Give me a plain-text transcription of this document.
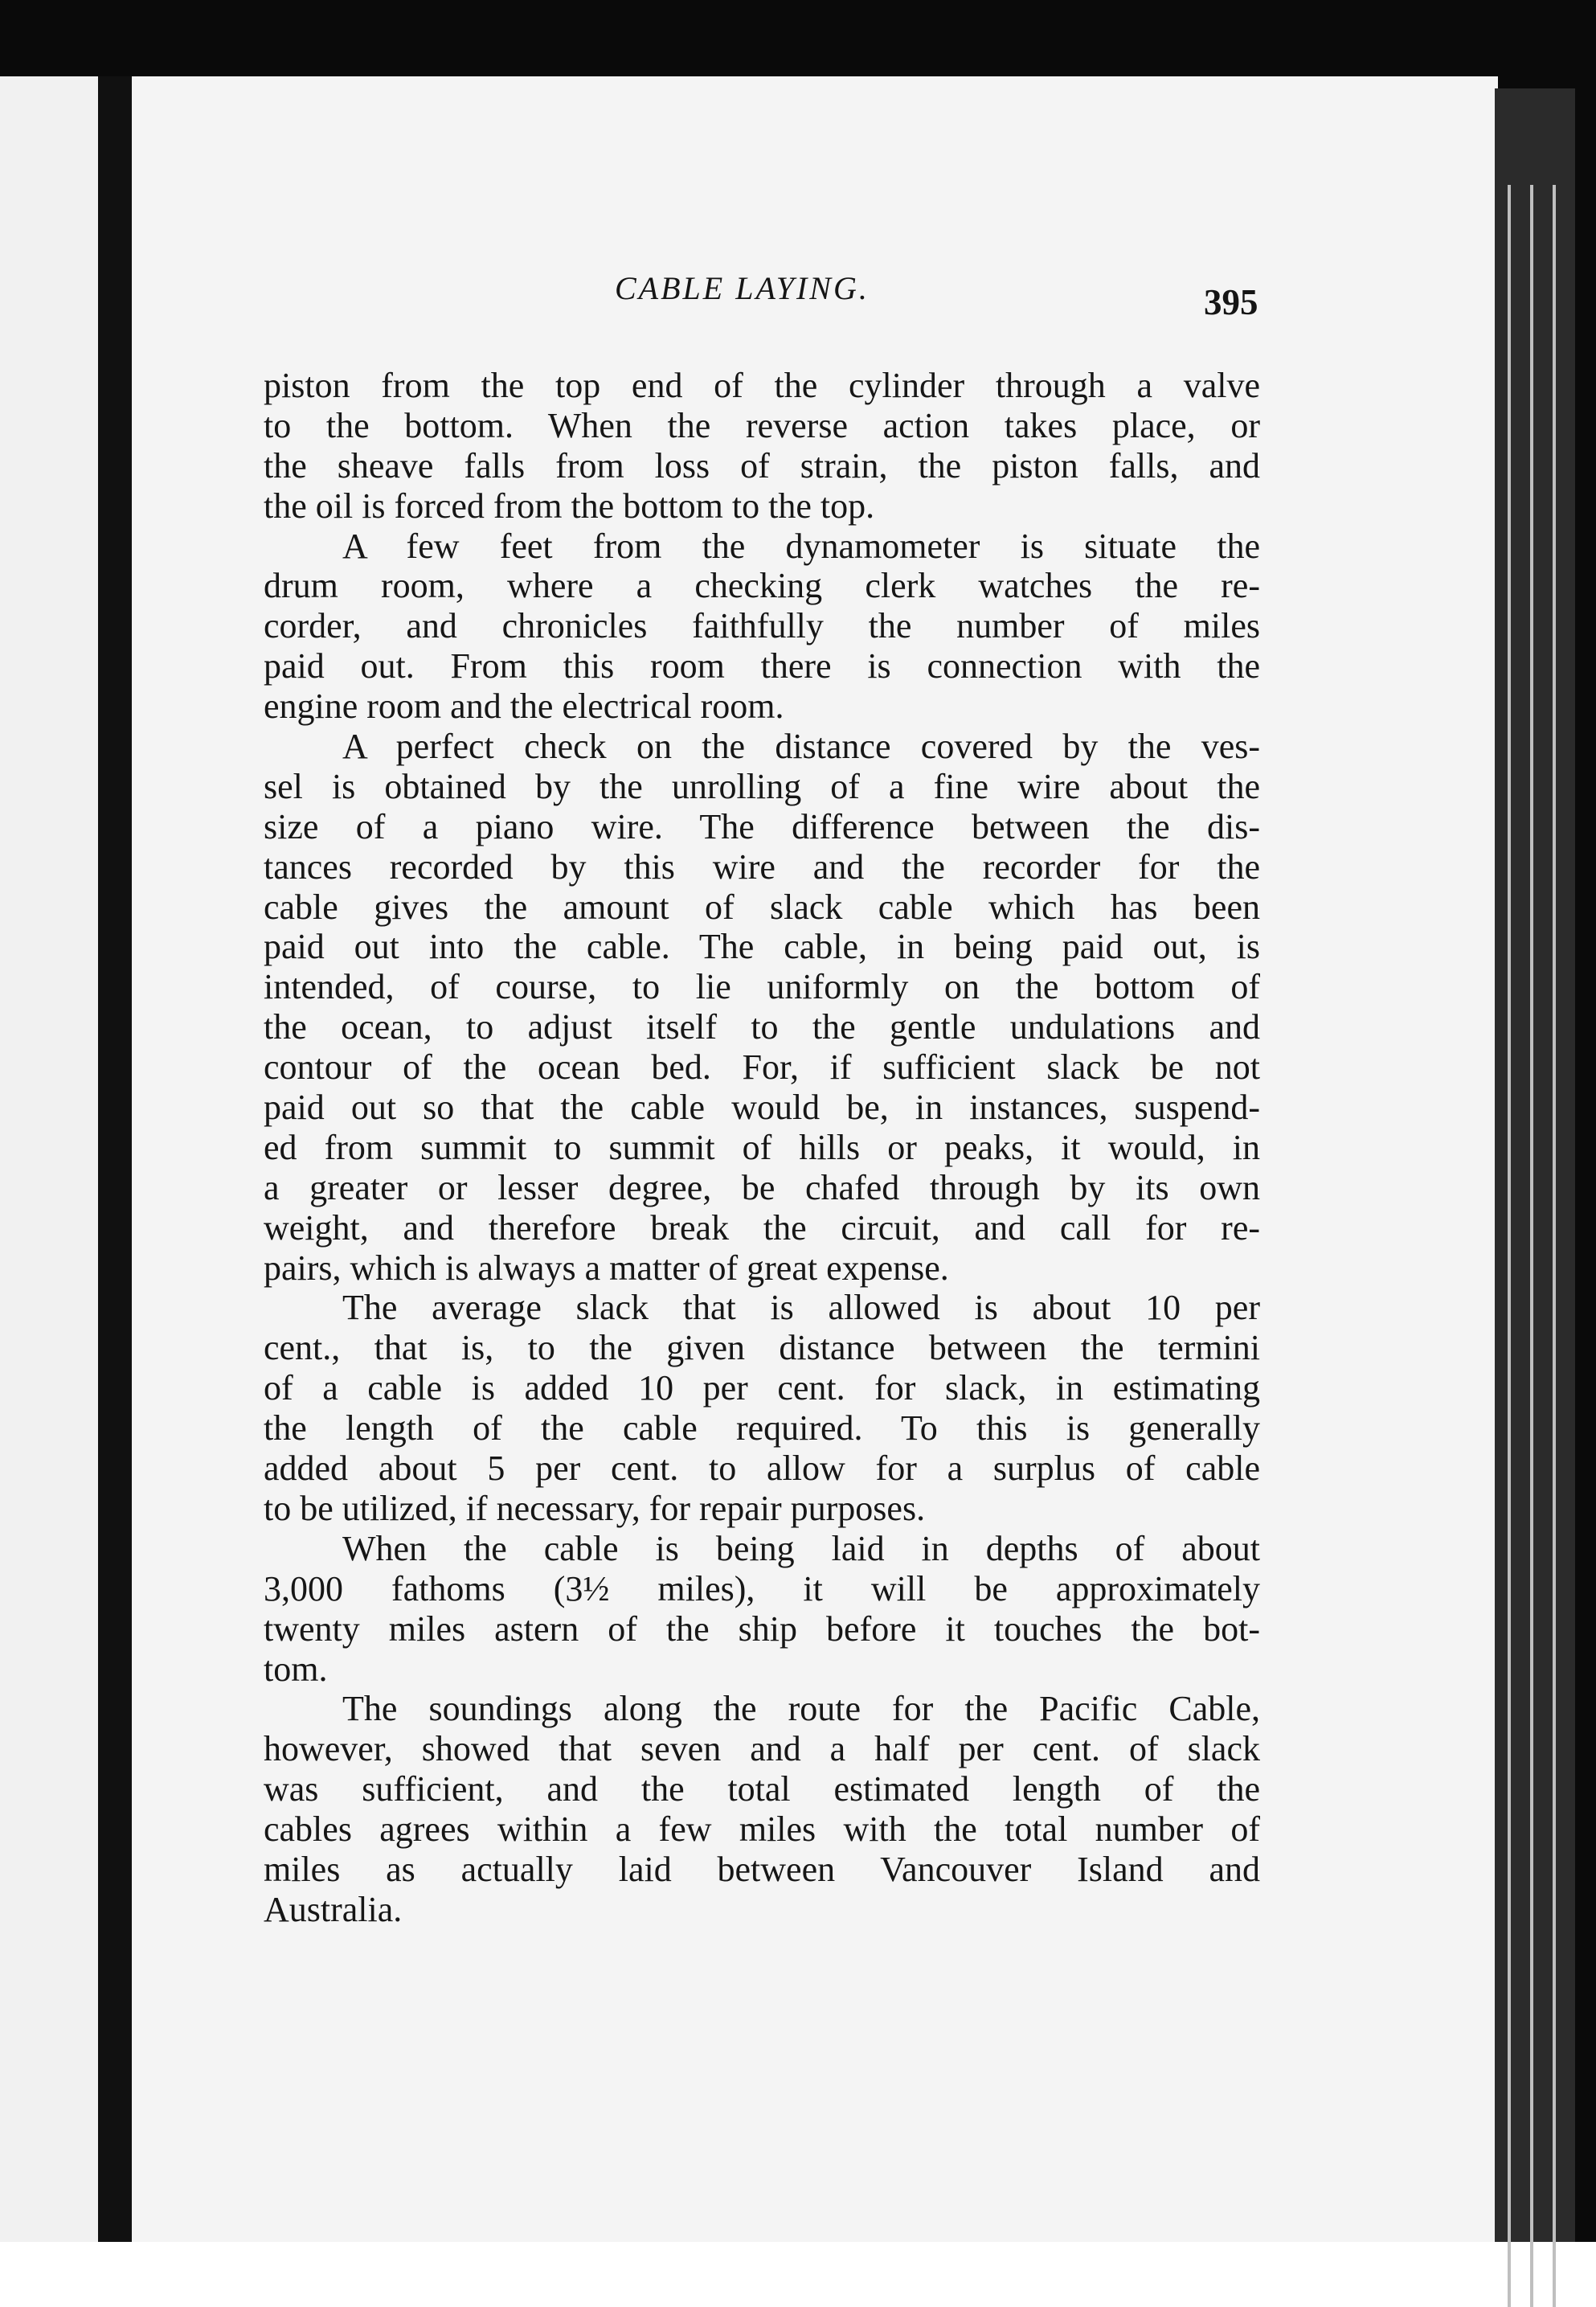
CABLE LAYING.	395

piston from the top end of the cylinder through a valve
to the bottom. When the reverse action takes place, or
the sheave falls from loss of strain, the piston falls, and
the oil is forced from the bottom to the top.

A few feet from the dynamometer is situate the
drum room, where a checking clerk watches the re-
corder, and chronicles faithfully the number of miles
paid out. From this room there is connection with the
engine room and the electrical room.

A perfect check on the distance covered by the ves-
sel is obtained by the unrolling of a fine wire about the
size of a piano wire. The difference between the dis-
tances recorded by this wire and the recorder for the
cable gives the amount of slack cable which has been
paid out into the cable. The cable, in being paid out, is
intended, of course, to lie uniformly on the bottom of
the ocean, to adjust itself to the gentle undulations and
contour of the ocean bed. For, if sufficient slack be not
paid out so that the cable would be, in instances, suspend-
ed from summit to summit of hills or peaks, it would, in
a greater or lesser degree, be chafed through by its own
weight, and therefore break the circuit, and call for re-
pairs, which is always a matter of great expense.

The average slack that is allowed is about 10 per
cent., that is, to the given distance between the termini
of a cable is added 10 per cent. for slack, in estimating
the length of the cable required. To this is generally
added about 5 per cent. to allow for a surplus of cable
to be utilized, if necessary, for repair purposes.

When the cable is being laid in depths of about
3,000 fathoms (3½ miles), it will be approximately
twenty miles astern of the ship before it touches the bot-
tom.

The soundings along the route for the Pacific Cable,
however, showed that seven and a half per cent. of slack
was sufficient, and the total estimated length of the
cables agrees within a few miles with the total number of
miles as actually laid between Vancouver Island and
Australia.
